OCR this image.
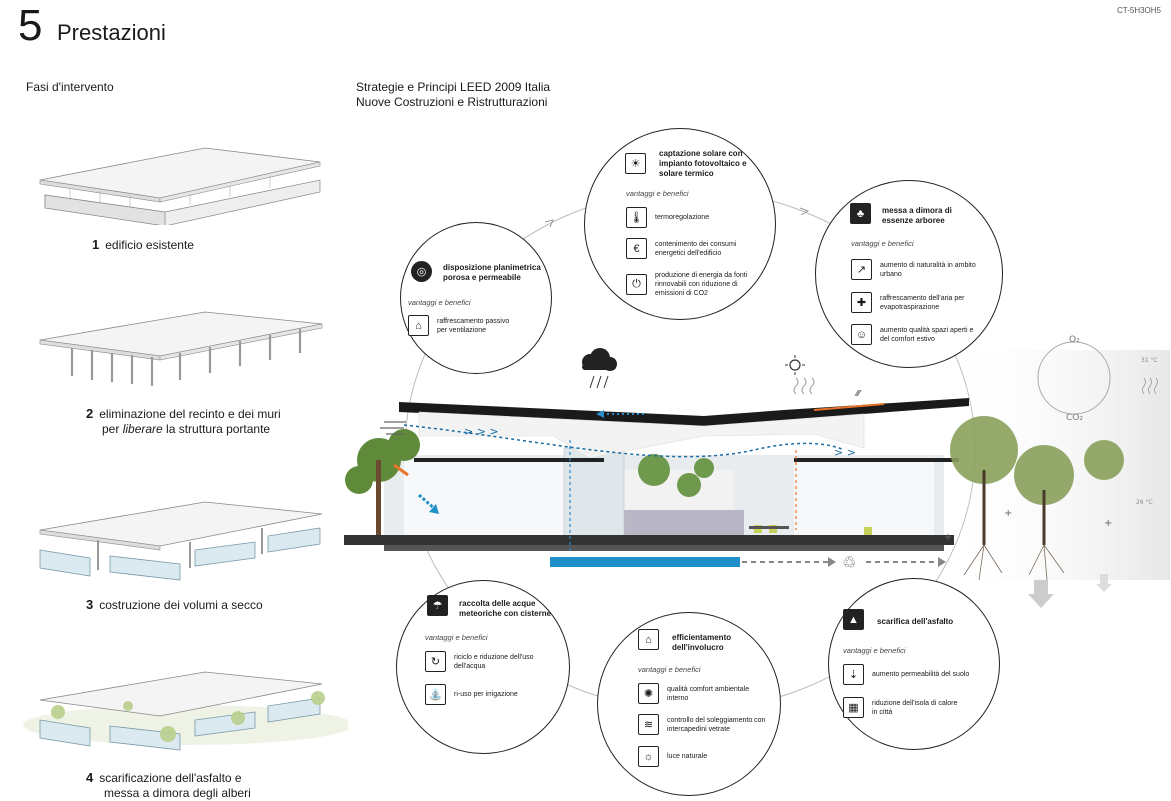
5 Prestazioni
CT-5H3OH5
Fasi d'intervento
1 edificio esistente
2 eliminazione del recinto e dei muri
per liberare la struttura portante
3 costruzione dei volumi a secco
4 scarificazione dell'asfalto e
messa a dimora degli alberi
Strategie e Principi LEED 2009 Italia
Nuove Costruzioni e Ristrutturazioni
⁄⁄⁄
> > >
> >
♲
O₂
CO₂
31 °C
26 °C
+
+
+
◎	disposizione planimetrica porosa e permeabile
vantaggi e benefici
⌂	raffrescamento passivo per ventilazione
☀
captazione solare con impianto fotovoltaico e solare termico
vantaggi e benefici
🌡	termoregolazione
€	contenimento dei consumi energetici dell'edificio
⏻
produzione di energia da fonti rinnovabili con riduzione di emissioni di CO2
♣	messa a dimora di essenze arboree
vantaggi e benefici
↗	aumento di naturalità in ambito urbano
✚	raffrescamento dell'aria per evapotraspirazione
☺	aumento qualità spazi aperti e del comfort estivo
☂	raccolta delle acque meteoriche con cisterne
vantaggi e benefici
↻	riciclo e riduzione dell'uso dell'acqua
⛲	ri-uso per irrigazione
⌂	efficientamento dell'involucro
vantaggi e benefici
✺	qualità comfort ambientale interno
≋	controllo del soleggiamento con intercapedini vetrate
☼	luce naturale
▲	scarifica dell'asfalto
vantaggi e benefici
⇣	aumento permeabilità del suolo
▦	riduzione dell'isola di calore in città
